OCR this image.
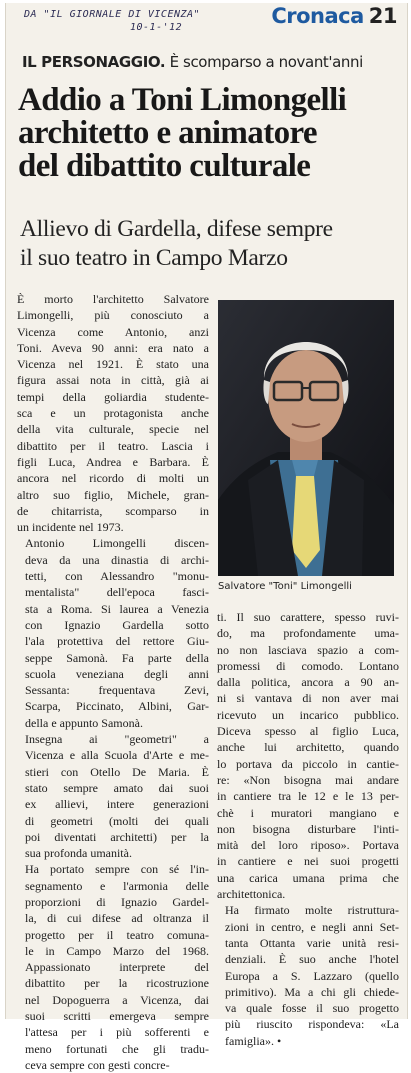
DA "IL GIORNALE DI VICENZA"
10-1-'12	Cronaca 21
IL PERSONAGGIO. È scomparso a novant'anni
Addio a Toni Limongelli
architetto e animatore
del dibattito culturale
Allievo di Gardella, difese sempre
il suo teatro in Campo Marzo

È morto l'architetto Salvatore
Limongelli, più conosciuto a
Vicenza come Antonio, anzi
Toni. Aveva 90 anni: era nato a
Vicenza nel 1921. È stato una
figura assai nota in città, già ai
tempi della goliardia studente-
sca e un protagonista anche
della vita culturale, specie nel
dibattito per il teatro. Lascia i
figli Luca, Andrea e Barbara. È
ancora nel ricordo di molti un
altro suo figlio, Michele, gran-
de chitarrista, scomparso in
un incidente nel 1973.

Antonio Limongelli discen-
deva da una dinastia di archi-
tetti, con Alessandro "monu-
mentalista" dell'epoca fasci-
sta a Roma. Si laurea a Venezia
con Ignazio Gardella sotto
l'ala protettiva del rettore Giu-
seppe Samonà. Fa parte della
scuola veneziana degli anni
Sessanta: frequentava Zevi,
Scarpa, Piccinato, Albini, Gar-
della e appunto Samonà.

Insegna ai "geometri" a
Vicenza e alla Scuola d'Arte e me-
stieri con Otello De Maria. È
stato sempre amato dai suoi
ex allievi, intere generazioni
di geometri (molti dei quali
poi diventati architetti) per la
sua profonda umanità.

Ha portato sempre con sé l'in-
segnamento e l'armonia delle
proporzioni di Ignazio Gardel-
la, di cui difese ad oltranza il
progetto per il teatro comuna-
le in Campo Marzo del 1968.
Appassionato interprete del
dibattito per la ricostruzione
nel Dopoguerra a Vicenza, dai
suoi scritti emergeva sempre
l'attesa per i più sofferenti e
meno fortunati che gli tradu-
ceva sempre con gesti concre-

Salvatore "Toni" Limongelli

ti. Il suo carattere, spesso ruvi-
do, ma profondamente uma-
no non lasciava spazio a com-
promessi di comodo. Lontano
dalla politica, ancora a 90 an-
ni si vantava di non aver mai
ricevuto un incarico pubblico.
Diceva spesso al figlio Luca,
anche lui architetto, quando
lo portava da piccolo in cantie-
re: «Non bisogna mai andare
in cantiere tra le 12 e le 13 per-
chè i muratori mangiano e
non bisogna disturbare l'inti-
mità del loro riposo». Portava
in cantiere e nei suoi progetti
una carica umana prima che
architettonica.

Ha firmato molte ristruttura-
zioni in centro, e negli anni Set-
tanta Ottanta varie unità resi-
denziali. È suo anche l'hotel
Europa a S. Lazzaro (quello
primitivo). Ma a chi gli chiede-
va quale fosse il suo progetto
più riuscito rispondeva: «La
famiglia». •
